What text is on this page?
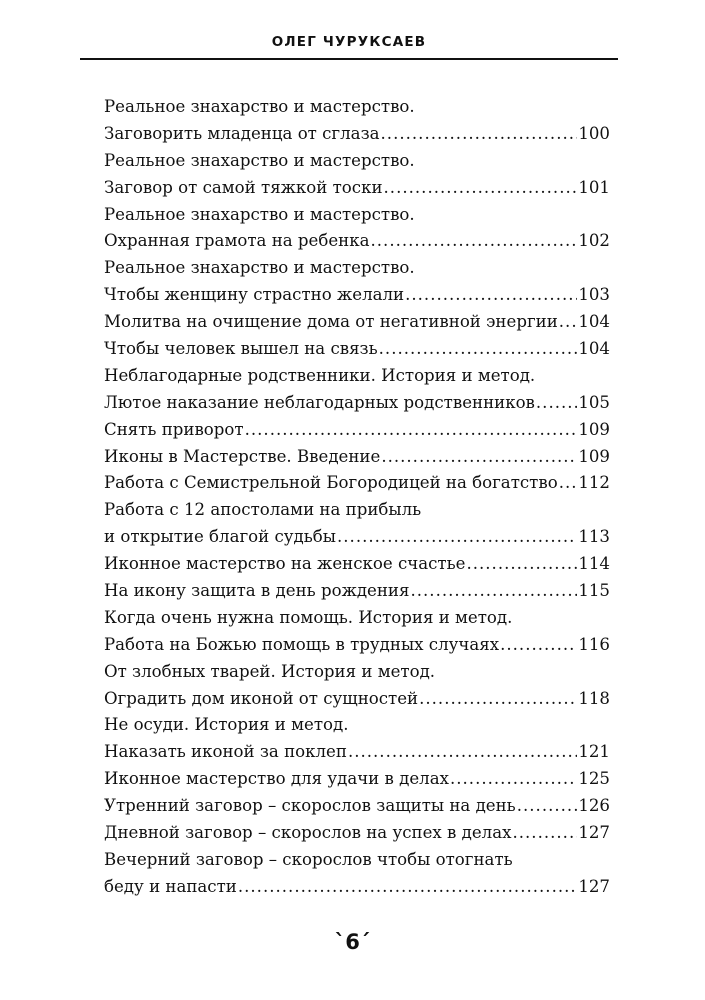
ОЛЕГ ЧУРУКСАЕВ
Реальное знахарство и мастерство.
Заговорить младенца от сглаза .....	100
Реальное знахарство и мастерство.
Заговор от самой тяжкой тоски .....	101
Реальное знахарство и мастерство.
Охранная грамота на ребенка .....	102
Реальное знахарство и мастерство.
Чтобы женщину страстно желали .....	103
Молитва на очищение дома от негативной энергии ..... 104
Чтобы человек вышел на связь .....	104
Неблагодарные родственники. История и метод.
Лютое наказание неблагодарных родственников .....	105
Снять приворот .....	109
Иконы в Мастерстве. Введение .....	109
Работа с Семистрельной Богородицей на богатство ..... 112
Работа с 12 апостолами на прибыль
и открытие благой судьбы .....	113
Иконное мастерство на женское счастье .....	114
На икону защита в день рождения .....	115
Когда очень нужна помощь. История и метод.
Работа на Божью помощь в трудных случаях .....	116
От злобных тварей. История и метод.
Оградить дом иконой от сущностей .....	118
Не осуди. История и метод.
Наказать иконой за поклеп .....	121
Иконное мастерство для удачи в делах .....	125
Утренний заговор – скорослов защиты на день .....	126
Дневной заговор – скорослов на успех в делах .....	127
Вечерний заговор – скорослов чтобы отогнать
беду и напасти .....	127
`6´
